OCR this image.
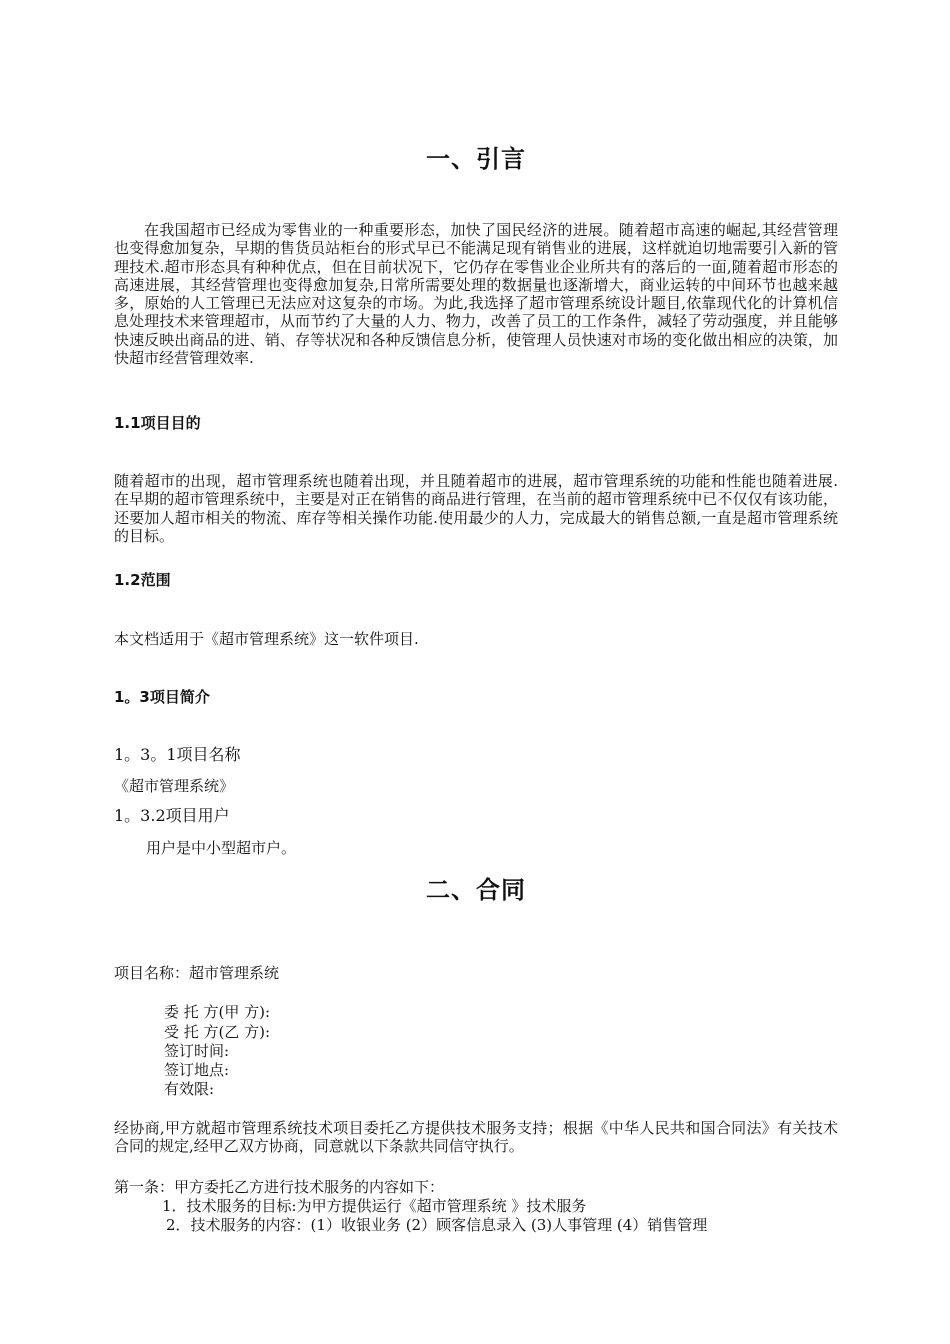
一、引言

在我国超市已经成为零售业的一种重要形态，加快了国民经济的进展。随着超市高速的崛起,其经营管理也变得愈加复杂，早期的售货员站柜台的形式早已不能满足现有销售业的进展，这样就迫切地需要引入新的管理技术.超市形态具有种种优点，但在目前状况下，它仍存在零售业企业所共有的落后的一面,随着超市形态的高速进展，其经营管理也变得愈加复杂,日常所需要处理的数据量也逐渐增大，商业运转的中间环节也越来越多，原始的人工管理已无法应对这复杂的市场。为此,我选择了超市管理系统设计题目,依靠现代化的计算机信息处理技术来管理超市，从而节约了大量的人力、物力，改善了员工的工作条件，减轻了劳动强度，并且能够快速反映出商品的进、销、存等状况和各种反馈信息分析，使管理人员快速对市场的变化做出相应的决策，加快超市经营管理效率.

1.1项目目的

随着超市的出现，超市管理系统也随着出现，并且随着超市的进展，超市管理系统的功能和性能也随着进展.在早期的超市管理系统中，主要是对正在销售的商品进行管理，在当前的超市管理系统中已不仅仅有该功能，还要加人超市相关的物流、库存等相关操作功能.使用最少的人力，完成最大的销售总额,一直是超市管理系统的目标。

1.2范围

本文档适用于《超市管理系统》这一软件项目.

1。3项目简介
1。3。1项目名称
《超市管理系统》
1。3.2项目用户
用户是中小型超市户。
二、合同
项目名称：超市管理系统
委 托 方(甲 方):
受 托 方(乙 方):
签订时间:
签订地点:
有效限:

经协商,甲方就超市管理系统技术项目委托乙方提供技术服务支持；根据《中华人民共和国合同法》有关技术合同的规定,经甲乙双方协商，同意就以下条款共同信守执行。

第一条：甲方委托乙方进行技术服务的内容如下：
1．技术服务的目标:为甲方提供运行《超市管理系统 》技术服务
2．技术服务的内容：(1）收银业务 (2）顾客信息录入 (3)人事管理 (4）销售管理
